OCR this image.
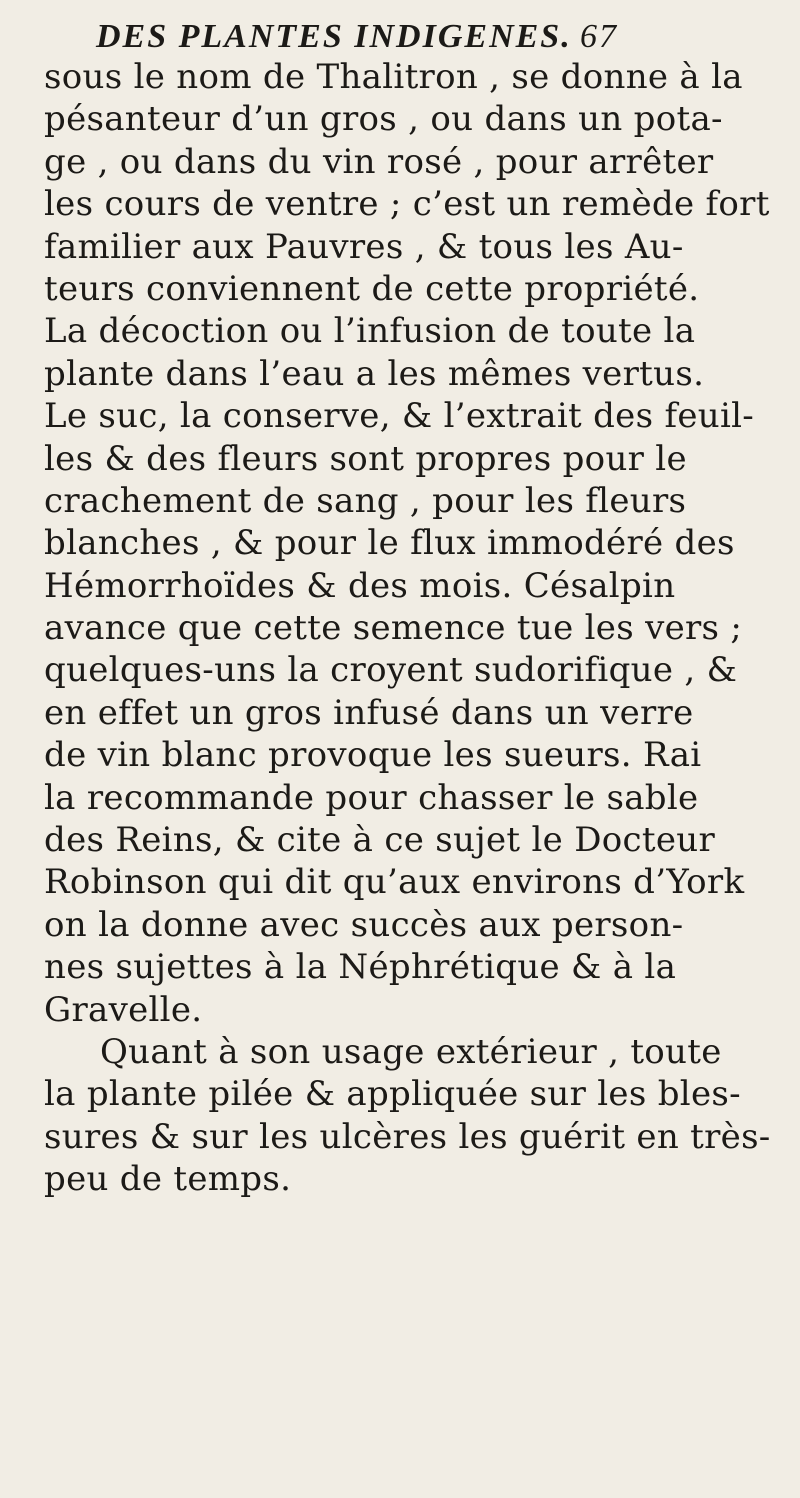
DES PLANTES INDIGENES. 67
sous le nom de Thalitron , se donne à la
pésanteur d’un gros , ou dans un pota-
ge , ou dans du vin rosé , pour arrêter
les cours de ventre ; c’est un remède fort
familier aux Pauvres , & tous les Au-
teurs conviennent de cette propriété.
La décoction ou l’infusion de toute la
plante dans l’eau a les mêmes vertus.
Le suc, la conserve, & l’extrait des feuil-
les & des fleurs sont propres pour le
crachement de sang , pour les fleurs
blanches , & pour le flux immodéré des
Hémorrhoïdes & des mois. Césalpin
avance que cette semence tue les vers ;
quelques-uns la croyent sudorifique , &
en effet un gros infusé dans un verre
de vin blanc provoque les sueurs. Rai
la recommande pour chasser le sable
des Reins, & cite à ce sujet le Docteur
Robinson qui dit qu’aux environs d’York
on la donne avec succès aux person-
nes sujettes à la Néphrétique & à la
Gravelle.
Quant à son usage extérieur , toute
la plante pilée & appliquée sur les bles-
sures & sur les ulcères les guérit en très-
peu de temps.
